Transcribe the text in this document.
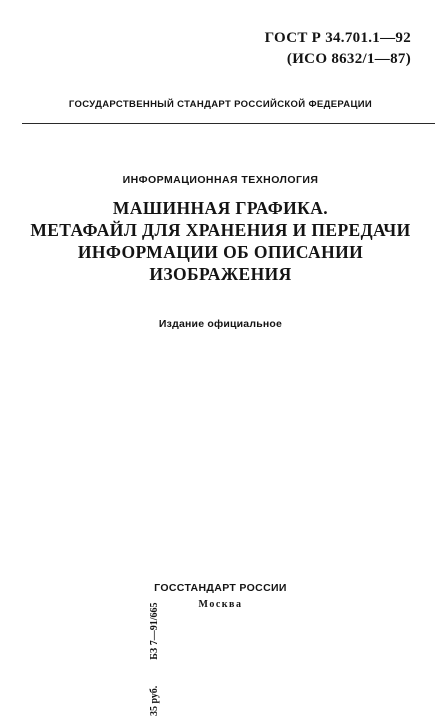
ГОСТ Р 34.701.1—92
(ИСО 8632/1—87)
ГОСУДАРСТВЕННЫЙ СТАНДАРТ РОССИЙСКОЙ ФЕДЕРАЦИИ
ИНФОРМАЦИОННАЯ ТЕХНОЛОГИЯ
МАШИННАЯ ГРАФИКА.
МЕТАФАЙЛ ДЛЯ ХРАНЕНИЯ И ПЕРЕДАЧИ
ИНФОРМАЦИИ ОБ ОПИСАНИИ
ИЗОБРАЖЕНИЯ
Издание официальное
35 руб.
БЗ 7—91/665
ГОССТАНДАРТ РОССИИ
Москва
